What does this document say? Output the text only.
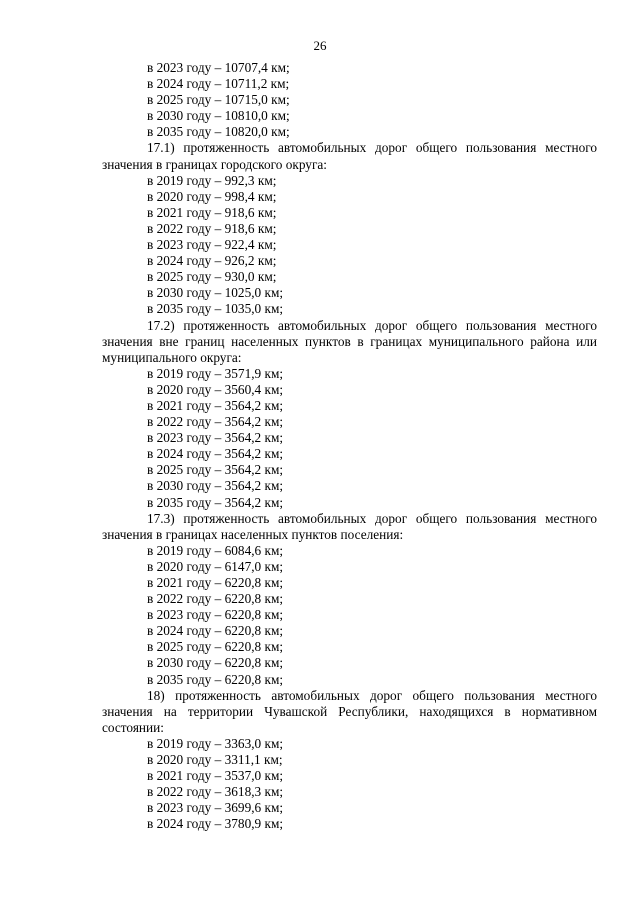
26
в 2023 году – 10707,4 км;
в 2024 году – 10711,2 км;
в 2025 году – 10715,0 км;
в 2030 году – 10810,0 км;
в 2035 году – 10820,0 км;
17.1) протяженность автомобильных дорог общего пользования местного значения в границах городского округа:
в 2019 году – 992,3 км;
в 2020 году – 998,4 км;
в 2021 году – 918,6 км;
в 2022 году – 918,6 км;
в 2023 году – 922,4 км;
в 2024 году – 926,2 км;
в 2025 году – 930,0 км;
в 2030 году – 1025,0 км;
в 2035 году – 1035,0 км;
17.2) протяженность автомобильных дорог общего пользования местного значения вне границ населенных пунктов в границах муниципального района или муниципального округа:
в 2019 году – 3571,9 км;
в 2020 году – 3560,4 км;
в 2021 году – 3564,2 км;
в 2022 году – 3564,2 км;
в 2023 году – 3564,2 км;
в 2024 году – 3564,2 км;
в 2025 году – 3564,2 км;
в 2030 году – 3564,2 км;
в 2035 году – 3564,2 км;
17.3) протяженность автомобильных дорог общего пользования местного значения в границах населенных пунктов поселения:
в 2019 году – 6084,6 км;
в 2020 году – 6147,0 км;
в 2021 году – 6220,8 км;
в 2022 году – 6220,8 км;
в 2023 году – 6220,8 км;
в 2024 году – 6220,8 км;
в 2025 году – 6220,8 км;
в 2030 году – 6220,8 км;
в 2035 году – 6220,8 км;
18) протяженность автомобильных дорог общего пользования местного значения на территории Чувашской Республики, находящихся в нормативном состоянии:
в 2019 году – 3363,0 км;
в 2020 году – 3311,1 км;
в 2021 году – 3537,0 км;
в 2022 году – 3618,3 км;
в 2023 году – 3699,6 км;
в 2024 году – 3780,9 км;
